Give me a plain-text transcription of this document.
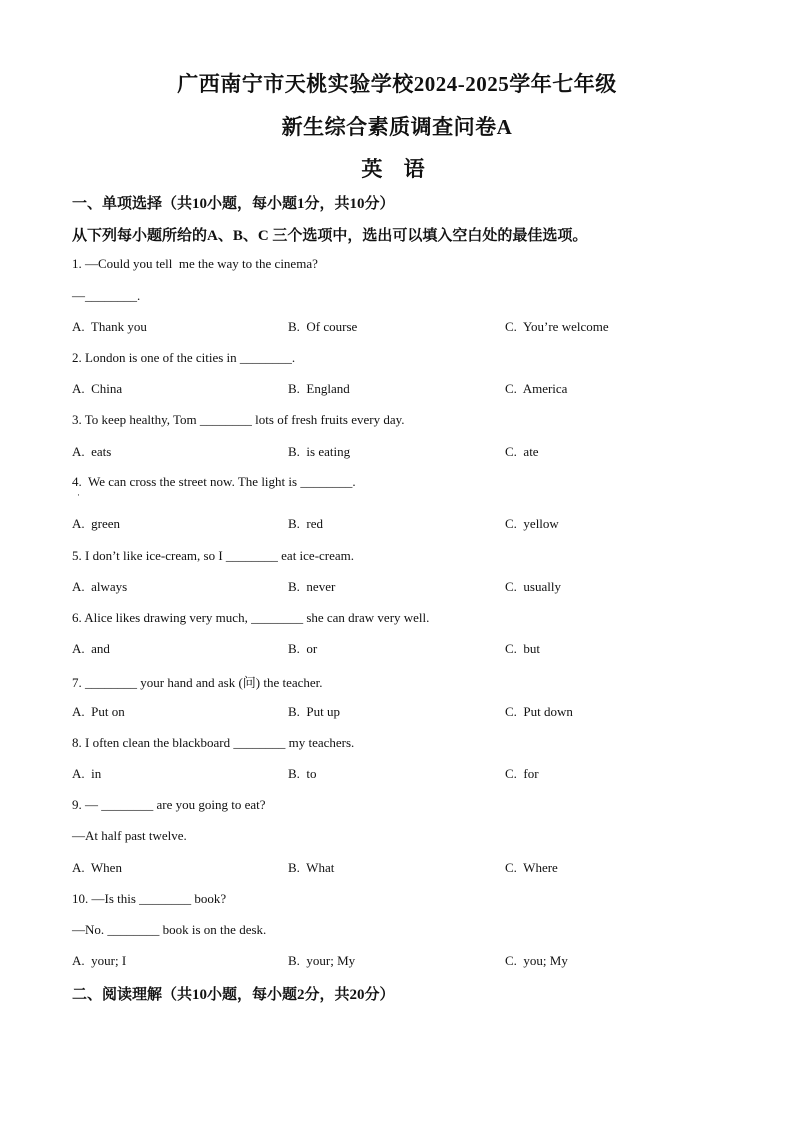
广西南宁市天桃实验学校2024-2025学年七年级
新生综合素质调查问卷A
英 语
一、单项选择（共10小题，每小题1分，共10分）
从下列每小题所给的A、B、C 三个选项中，选出可以填入空白处的最佳选项。
1. —Could you tell  me the way to the cinema?
—________.
A.  Thank you	B.  Of course	C.  You’re welcome
2. London is one of the cities in ________.
A.  China	B.  England	C.  America
3. To keep healthy, Tom ________ lots of fresh fruits every day.
A.  eats	B.  is eating	C.  ate
4.  We can cross the street now. The light is ________.
·
A.  green	B.  red	C.  yellow
5. I don’t like ice-cream, so I ________ eat ice-cream.
A.  always	B.  never	C.  usually
6. Alice likes drawing very much, ________ she can draw very well.
A.  and	B.  or	C.  but
7. ________ your hand and ask (问) the teacher.
A.  Put on	B.  Put up	C.  Put down
8. I often clean the blackboard ________ my teachers.
A.  in	B.  to	C.  for
9. — ________ are you going to eat?
—At half past twelve.
A.  When	B.  What	C.  Where
10. —Is this ________ book?
—No. ________ book is on the desk.
A.  your; I	B.  your; My	C.  you; My
二、阅读理解（共10小题，每小题2分，共20分）
